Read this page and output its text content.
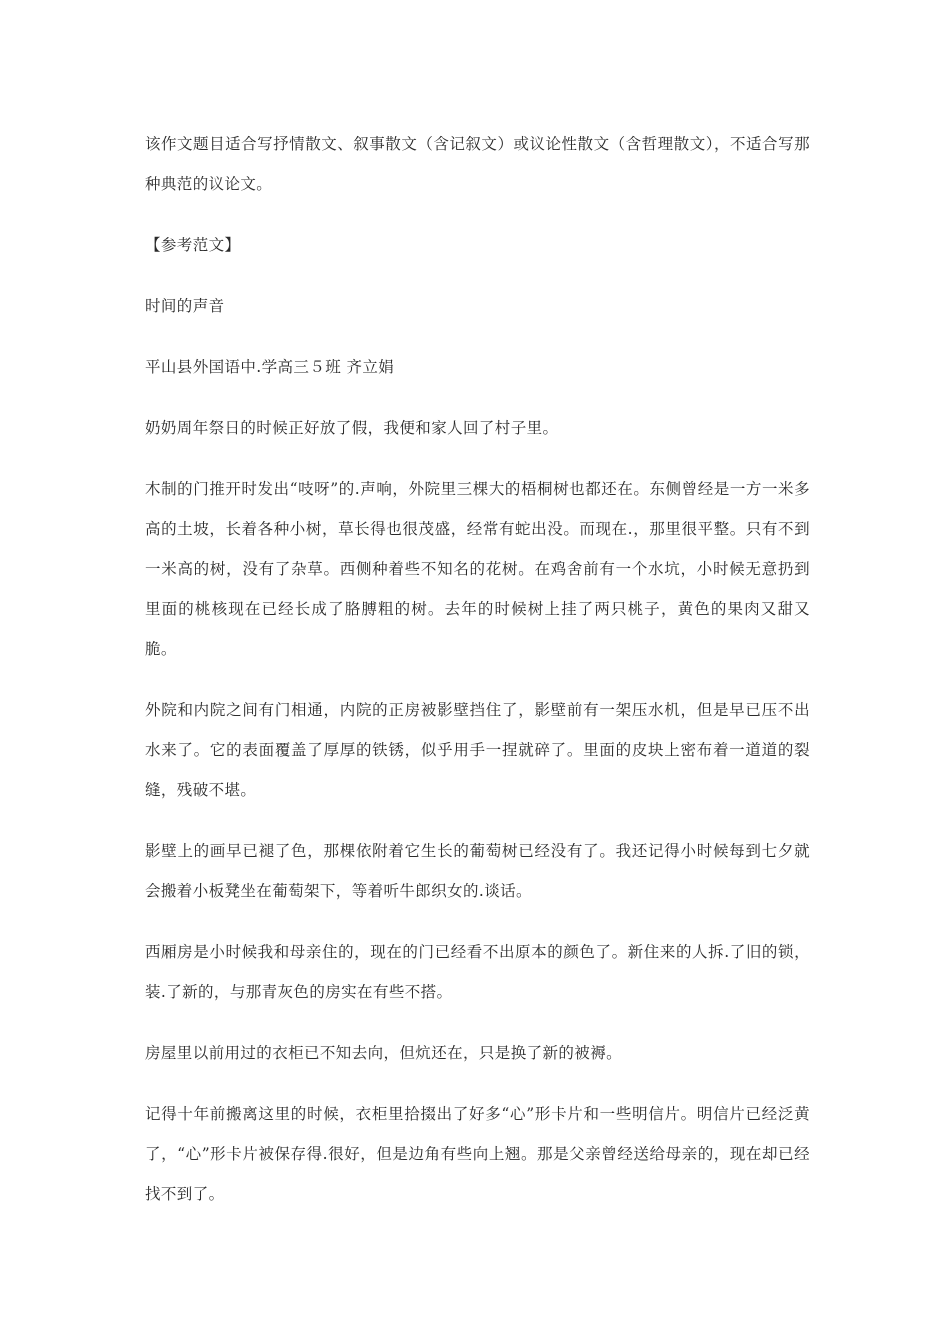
该作文题目适合写抒情散文、叙事散文（含记叙文）或议论性散文（含哲理散文），不适合写那种典范的议论文。

【参考范文】

时间的声音

平山县外国语中.学高三５班 齐立娟

奶奶周年祭日的时候正好放了假，我便和家人回了村子里。

木制的门推开时发出“吱呀”的.声响，外院里三棵大的梧桐树也都还在。东侧曾经是一方一米多高的土坡，长着各种小树，草长得也很茂盛，经常有蛇出没。而现在.，那里很平整。只有不到一米高的树，没有了杂草。西侧种着些不知名的花树。在鸡舍前有一个水坑，小时候无意扔到里面的桃核现在已经长成了胳膊粗的树。去年的时候树上挂了两只桃子，黄色的果肉又甜又脆。

外院和内院之间有门相通，内院的正房被影壁挡住了，影壁前有一架压水机，但是早已压不出水来了。它的表面覆盖了厚厚的铁锈，似乎用手一捏就碎了。里面的皮块上密布着一道道的裂缝，残破不堪。

影壁上的画早已褪了色，那棵依附着它生长的葡萄树已经没有了。我还记得小时候每到七夕就会搬着小板凳坐在葡萄架下，等着听牛郎织女的.谈话。

西厢房是小时候我和母亲住的，现在的门已经看不出原本的颜色了。新住来的人拆.了旧的锁，装.了新的，与那青灰色的房实在有些不搭。

房屋里以前用过的衣柜已不知去向，但炕还在，只是换了新的被褥。

记得十年前搬离这里的时候，衣柜里拾掇出了好多“心”形卡片和一些明信片。明信片已经泛黄了，“心”形卡片被保存得.很好，但是边角有些向上翘。那是父亲曾经送给母亲的，现在却已经找不到了。
